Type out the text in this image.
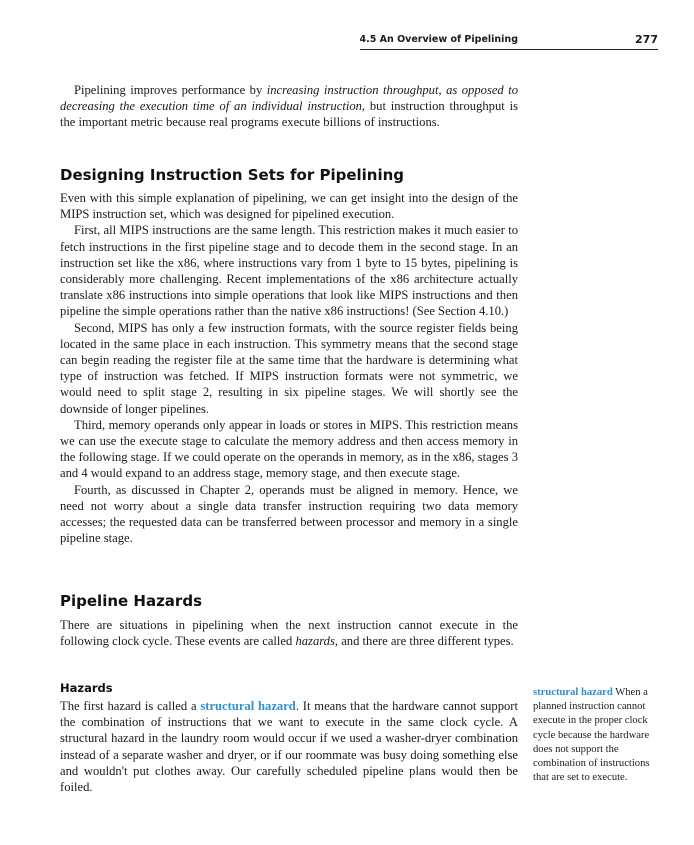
4.5 An Overview of Pipelining	277

Pipelining improves performance by increasing instruction throughput, as opposed to decreasing the execution time of an individual instruction, but instruction throughput is the important metric because real programs execute billions of instructions.

Designing Instruction Sets for Pipelining

Even with this simple explanation of pipelining, we can get insight into the design of the MIPS instruction set, which was designed for pipelined execution.

First, all MIPS instructions are the same length. This restriction makes it much easier to fetch instructions in the first pipeline stage and to decode them in the second stage. In an instruction set like the x86, where instructions vary from 1 byte to 15 bytes, pipelining is considerably more challenging. Recent implementations of the x86 architecture actually translate x86 instructions into simple operations that look like MIPS instructions and then pipeline the simple operations rather than the native x86 instructions! (See Section 4.10.)

Second, MIPS has only a few instruction formats, with the source register fields being located in the same place in each instruction. This symmetry means that the second stage can begin reading the register file at the same time that the hardware is determining what type of instruction was fetched. If MIPS instruction formats were not symmetric, we would need to split stage 2, resulting in six pipeline stages. We will shortly see the downside of longer pipelines.

Third, memory operands only appear in loads or stores in MIPS. This restriction means we can use the execute stage to calculate the memory address and then access memory in the following stage. If we could operate on the operands in memory, as in the x86, stages 3 and 4 would expand to an address stage, memory stage, and then execute stage.

Fourth, as discussed in Chapter 2, operands must be aligned in memory. Hence, we need not worry about a single data transfer instruction requiring two data memory accesses; the requested data can be transferred between processor and memory in a single pipeline stage.

Pipeline Hazards

There are situations in pipelining when the next instruction cannot execute in the following clock cycle. These events are called hazards, and there are three different types.

Hazards

The first hazard is called a structural hazard. It means that the hardware cannot support the combination of instructions that we want to execute in the same clock cycle. A structural hazard in the laundry room would occur if we used a washer-dryer combination instead of a separate washer and dryer, or if our roommate was busy doing something else and wouldn't put clothes away. Our carefully scheduled pipeline plans would then be foiled.

structural hazard When a planned instruction cannot execute in the proper clock cycle because the hardware does not support the combination of instructions that are set to execute.
